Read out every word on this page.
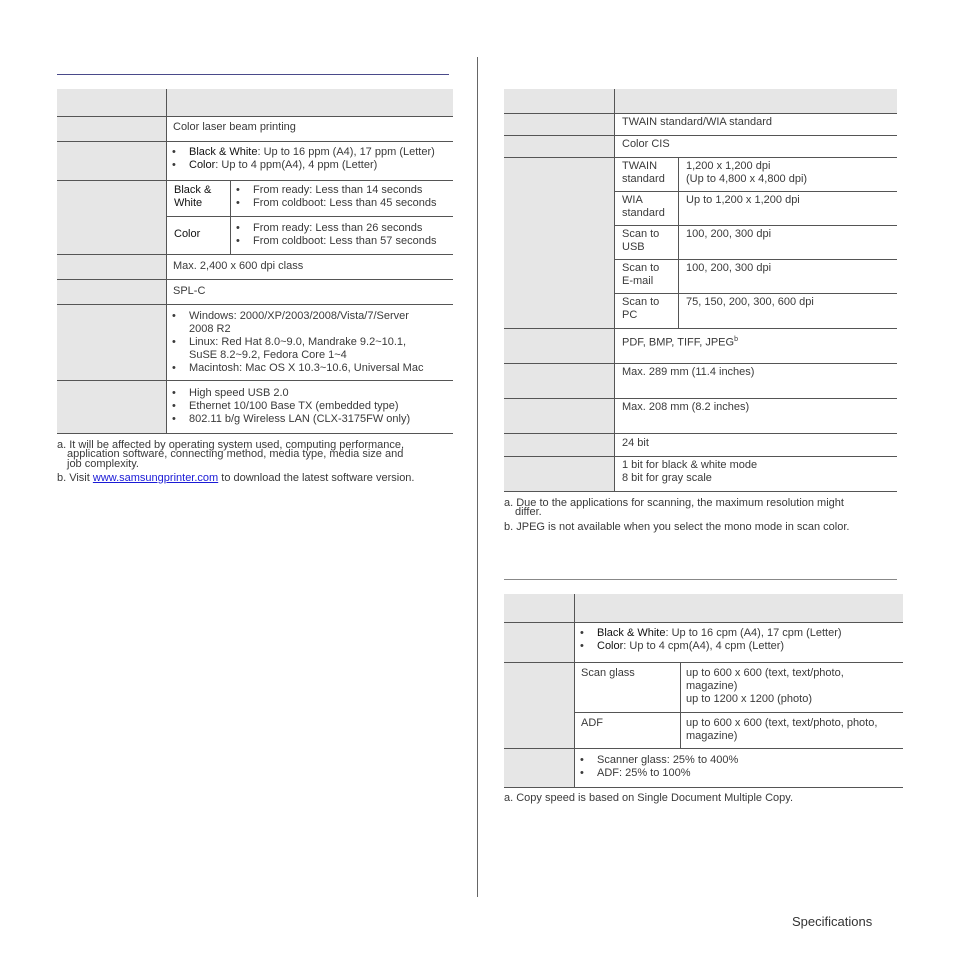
Color laser beam printing
• Black & White: Up to 16 ppm (A4), 17 ppm (Letter)
• Color: Up to 4 ppm(A4), 4 ppm (Letter)
Black & White
• From ready: Less than 14 seconds
• From coldboot: Less than 45 seconds
Color
•	From ready: Less than 26 seconds
• From coldboot: Less than 57 seconds
Max. 2,400 x 600 dpi class
SPL-C
• Windows: 2000/XP/2003/2008/Vista/7/Server
2008 R2
• Linux: Red Hat 8.0~9.0, Mandrake 9.2~10.1,
SuSE 8.2~9.2, Fedora Core 1~4
• Macintosh: Mac OS X 10.3~10.6, Universal Mac
• High speed USB 2.0
• Ethernet 10/100 Base TX (embedded type)
• 802.11 b/g Wireless LAN (CLX-3175FW only)
a. It will be affected by operating system used, computing performance,
application software, connecting method, media type, media size and
job complexity.
b. Visit www.samsungprinter.com to download the latest software version.
TWAIN standard/WIA standard
Color CIS
TWAIN
standard
1,200 x 1,200 dpi
(Up to 4,800 x 4,800 dpi)
WIA
standard
Up to 1,200 x 1,200 dpi
Scan to
USB
100, 200, 300 dpi
Scan to
E-mail
100, 200, 300 dpi
Scan to
PC
75, 150, 200, 300, 600 dpi
PDF, BMP, TIFF, JPEG$^b$
Max. 289 mm (11.4 inches)
Max. 208 mm (8.2 inches)
24 bit
1 bit for black & white mode
8 bit for gray scale
a. Due to the applications for scanning, the maximum resolution might
differ.
b. JPEG is not available when you select the mono mode in scan color.
• Black & White: Up to 16 cpm (A4), 17 cpm (Letter)
• Color: Up to 4 cpm(A4), 4 cpm (Letter)
Scan glass	up to 600 x 600 (text, text/photo,
magazine)
up to 1200 x 1200 (photo)
ADF	up to 600 x 600 (text, text/photo, photo,
magazine)
• Scanner glass: 25% to 400%
• ADF: 25% to 100%
a. Copy speed is based on Single Document Multiple Copy.
Specifications
